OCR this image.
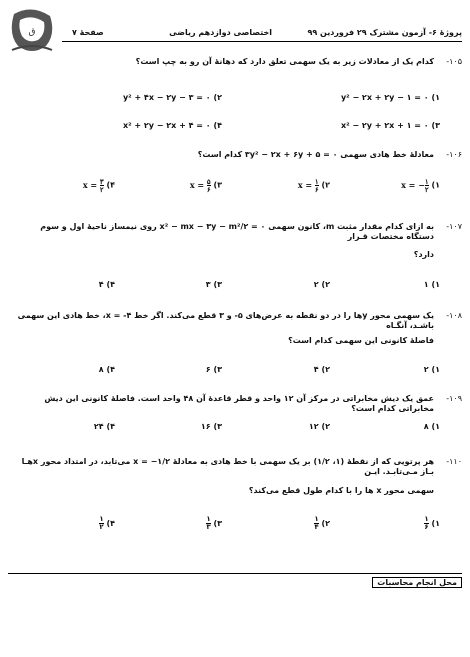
ق	پروژهٔ ۶- آزمون مشترک ۲۹ فروردین ۹۹
اختصاصی دوازدهم ریاضی
صفحهٔ ۷
۱۰۵-
کدام یک از معادلات زیر به یک سهمی تعلق دارد که دهانهٔ آن رو به چپ است؟
۱) y² − ۲x + ۲y − ۱ = ۰
۲) y² + ۴x − ۲y − ۳ = ۰
۳) x² − ۲y + ۲x + ۱ = ۰
۴) x² + ۲y − ۲x + ۴ = ۰
۱۰۶-
معادلهٔ خط هادی سهمی ۳y² − ۲x + ۶y + ۵ = ۰ کدام است؟
۱) x = − $\frac{۱}{۲}$
۲) $x = \frac{۱}{۶}$
۳) $x = \frac{۵}{۶}$
۴) $x = \frac{۳}{۲}$
۱۰۷-
به ازای کدام مقدار مثبت m، کانون سهمی x² − mx − ۳y − m²/۲ = ۰ روی نیمساز ناحیهٔ اول و سوم دستگاه مختصات قـرار
دارد؟
۱) ۱
۲) ۲
۳) ۳
۴) ۴
۱۰۸-
یک سهمی محور yها را در دو نقطه به عرض‌های ۵- و ۳ قطع می‌کند. اگر خط ۴- = x، خط هادی این سهمی باشـد، آنگـاه
فاصلهٔ کانونی این سهمی کدام است؟
۱) ۲
۲) ۴
۳) ۶
۴) ۸
۱۰۹-
عمق یک دیش مخابراتی در مرکز آن ۱۲ واحد و قطر قاعدهٔ آن ۴۸ واحد است. فاصلهٔ کانونی این دیش مخابراتی کدام است؟
۱) ۸
۲) ۱۲
۳) ۱۶
۴) ۲۴
۱۱۰-
هر پرتویی که از نقطهٔ (۱، ۱/۲) بر یک سهمی با خط هادی به معادلهٔ x = −۱/۲ می‌تابد، در امتداد محور xهـا بـاز مـی‌تابـد. ایـن
سهمی محور x ها را با کدام طول قطع می‌کند؟
۱)
$\frac{۱}{۶}$
۲)
$\frac{۱}{۴}$
۳)
$\frac{۱}{۳}$
۴)
$\frac{۱}{۲}$
محل انجام محاسبات
